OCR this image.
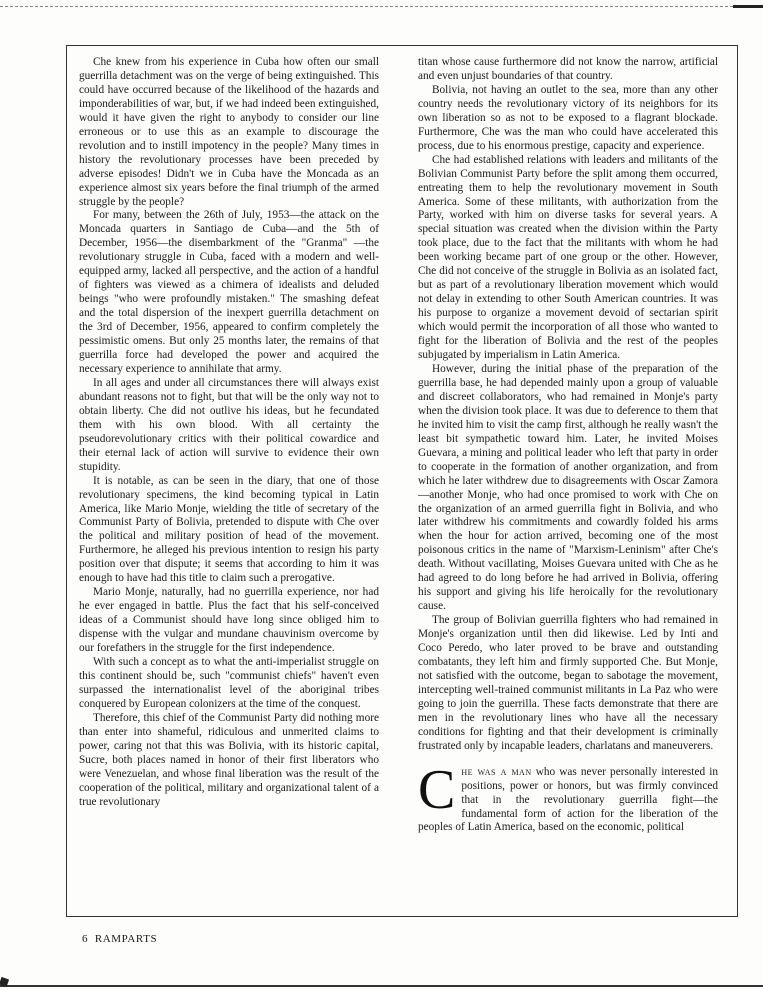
Che knew from his experience in Cuba how often our small guerrilla detachment was on the verge of being extinguished. This could have occurred because of the likelihood of the hazards and imponderabilities of war, but, if we had indeed been extinguished, would it have given the right to anybody to consider our line erroneous or to use this as an example to discourage the revolution and to instill impotency in the people? Many times in history the revolutionary processes have been preceded by adverse episodes! Didn't we in Cuba have the Moncada as an experience almost six years before the final triumph of the armed struggle by the people?

For many, between the 26th of July, 1953—the attack on the Moncada quarters in Santiago de Cuba—and the 5th of December, 1956—the disembarkment of the "Granma" —the revolutionary struggle in Cuba, faced with a modern and well-equipped army, lacked all perspective, and the action of a handful of fighters was viewed as a chimera of idealists and deluded beings "who were profoundly mistaken." The smashing defeat and the total dispersion of the inexpert guerrilla detachment on the 3rd of December, 1956, appeared to confirm completely the pessimistic omens. But only 25 months later, the remains of that guerrilla force had developed the power and acquired the necessary experience to annihilate that army.

In all ages and under all circumstances there will always exist abundant reasons not to fight, but that will be the only way not to obtain liberty. Che did not outlive his ideas, but he fecundated them with his own blood. With all certainty the pseudorevolutionary critics with their political cowardice and their eternal lack of action will survive to evidence their own stupidity.

It is notable, as can be seen in the diary, that one of those revolutionary specimens, the kind becoming typical in Latin America, like Mario Monje, wielding the title of secretary of the Communist Party of Bolivia, pretended to dispute with Che over the political and military position of head of the movement. Furthermore, he alleged his previous intention to resign his party position over that dispute; it seems that according to him it was enough to have had this title to claim such a prerogative.

Mario Monje, naturally, had no guerrilla experience, nor had he ever engaged in battle. Plus the fact that his self-conceived ideas of a Communist should have long since obliged him to dispense with the vulgar and mundane chauvinism overcome by our forefathers in the struggle for the first independence.

With such a concept as to what the anti-imperialist struggle on this continent should be, such "communist chiefs" haven't even surpassed the internationalist level of the aboriginal tribes conquered by European colonizers at the time of the conquest.

Therefore, this chief of the Communist Party did nothing more than enter into shameful, ridiculous and unmerited claims to power, caring not that this was Bolivia, with its historic capital, Sucre, both places named in honor of their first liberators who were Venezuelan, and whose final liberation was the result of the cooperation of the political, military and organizational talent of a true revolutionary

titan whose cause furthermore did not know the narrow, artificial and even unjust boundaries of that country.

Bolivia, not having an outlet to the sea, more than any other country needs the revolutionary victory of its neighbors for its own liberation so as not to be exposed to a flagrant blockade. Furthermore, Che was the man who could have accelerated this process, due to his enormous prestige, capacity and experience.

Che had established relations with leaders and militants of the Bolivian Communist Party before the split among them occurred, entreating them to help the revolutionary movement in South America. Some of these militants, with authorization from the Party, worked with him on diverse tasks for several years. A special situation was created when the division within the Party took place, due to the fact that the militants with whom he had been working became part of one group or the other. However, Che did not conceive of the struggle in Bolivia as an isolated fact, but as part of a revolutionary liberation movement which would not delay in extending to other South American countries. It was his purpose to organize a movement devoid of sectarian spirit which would permit the incorporation of all those who wanted to fight for the liberation of Bolivia and the rest of the peoples subjugated by imperialism in Latin America.

However, during the initial phase of the preparation of the guerrilla base, he had depended mainly upon a group of valuable and discreet collaborators, who had remained in Monje's party when the division took place. It was due to deference to them that he invited him to visit the camp first, although he really wasn't the least bit sympathetic toward him. Later, he invited Moises Guevara, a mining and political leader who left that party in order to cooperate in the formation of another organization, and from which he later withdrew due to disagreements with Oscar Zamora—another Monje, who had once promised to work with Che on the organization of an armed guerrilla fight in Bolivia, and who later withdrew his commitments and cowardly folded his arms when the hour for action arrived, becoming one of the most poisonous critics in the name of "Marxism-Leninism" after Che's death. Without vacillating, Moises Guevara united with Che as he had agreed to do long before he had arrived in Bolivia, offering his support and giving his life heroically for the revolutionary cause.

The group of Bolivian guerrilla fighters who had remained in Monje's organization until then did likewise. Led by Inti and Coco Peredo, who later proved to be brave and outstanding combatants, they left him and firmly supported Che. But Monje, not satisfied with the outcome, began to sabotage the movement, intercepting well-trained communist militants in La Paz who were going to join the guerrilla. These facts demonstrate that there are men in the revolutionary lines who have all the necessary conditions for fighting and that their development is criminally frustrated only by incapable leaders, charlatans and maneuverers.

C he was a man who was never personally interested in positions, power or honors, but was firmly convinced that in the revolutionary guerrilla fight—the fundamental form of action for the liberation of the peoples of Latin America, based on the economic, political

6 RAMPARTS
